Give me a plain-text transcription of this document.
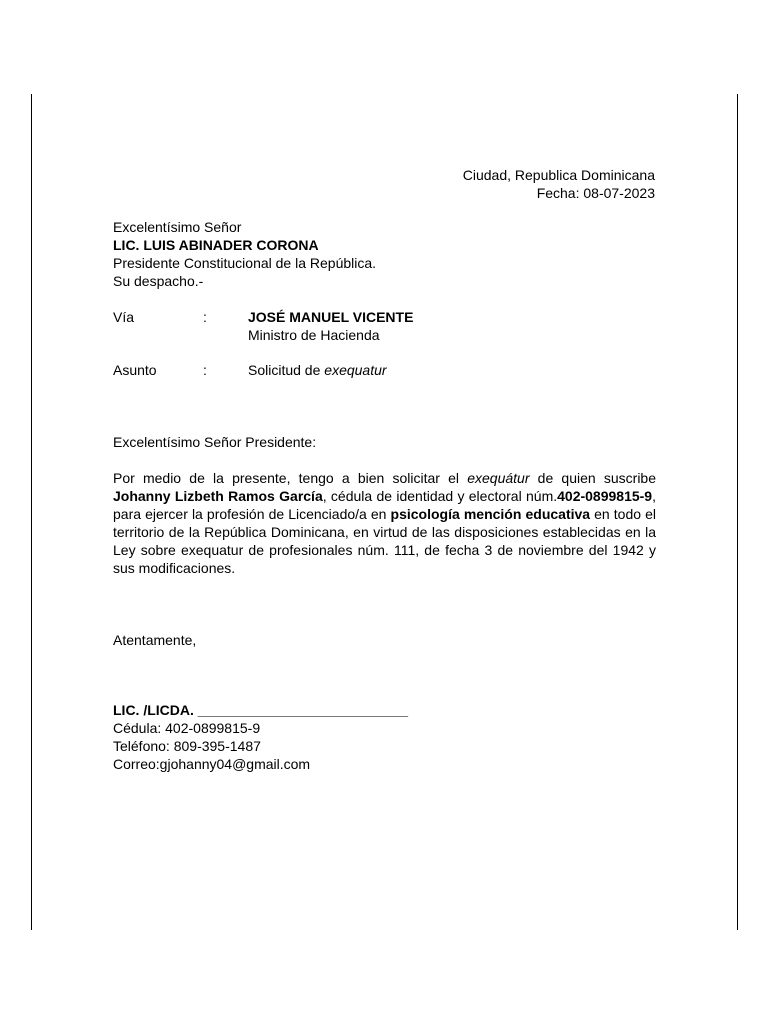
Ciudad, Republica Dominicana
Fecha: 08-07-2023
Excelentísimo Señor
LIC. LUIS ABINADER CORONA
Presidente Constitucional de la República.
Su despacho.-
Vía	:	JOSÉ MANUEL VICENTE
Ministro de Hacienda
Asunto	:	Solicitud de exequatur
Excelentísimo Señor Presidente:
Por medio de la presente, tengo a bien solicitar el exequátur de quien suscribe Johanny Lizbeth Ramos García, cédula de identidad y electoral núm.402-0899815-9, para ejercer la profesión de Licenciado/a en psicología mención educativa en todo el territorio de la República Dominicana, en virtud de las disposiciones establecidas en la Ley sobre exequatur de profesionales núm. 111, de fecha 3 de noviembre del 1942 y sus modificaciones.
Atentamente,
LIC. /LICDA. ___________________________
Cédula: 402-0899815-9
Teléfono: 809-395-1487
Correo:gjohanny04@gmail.com
